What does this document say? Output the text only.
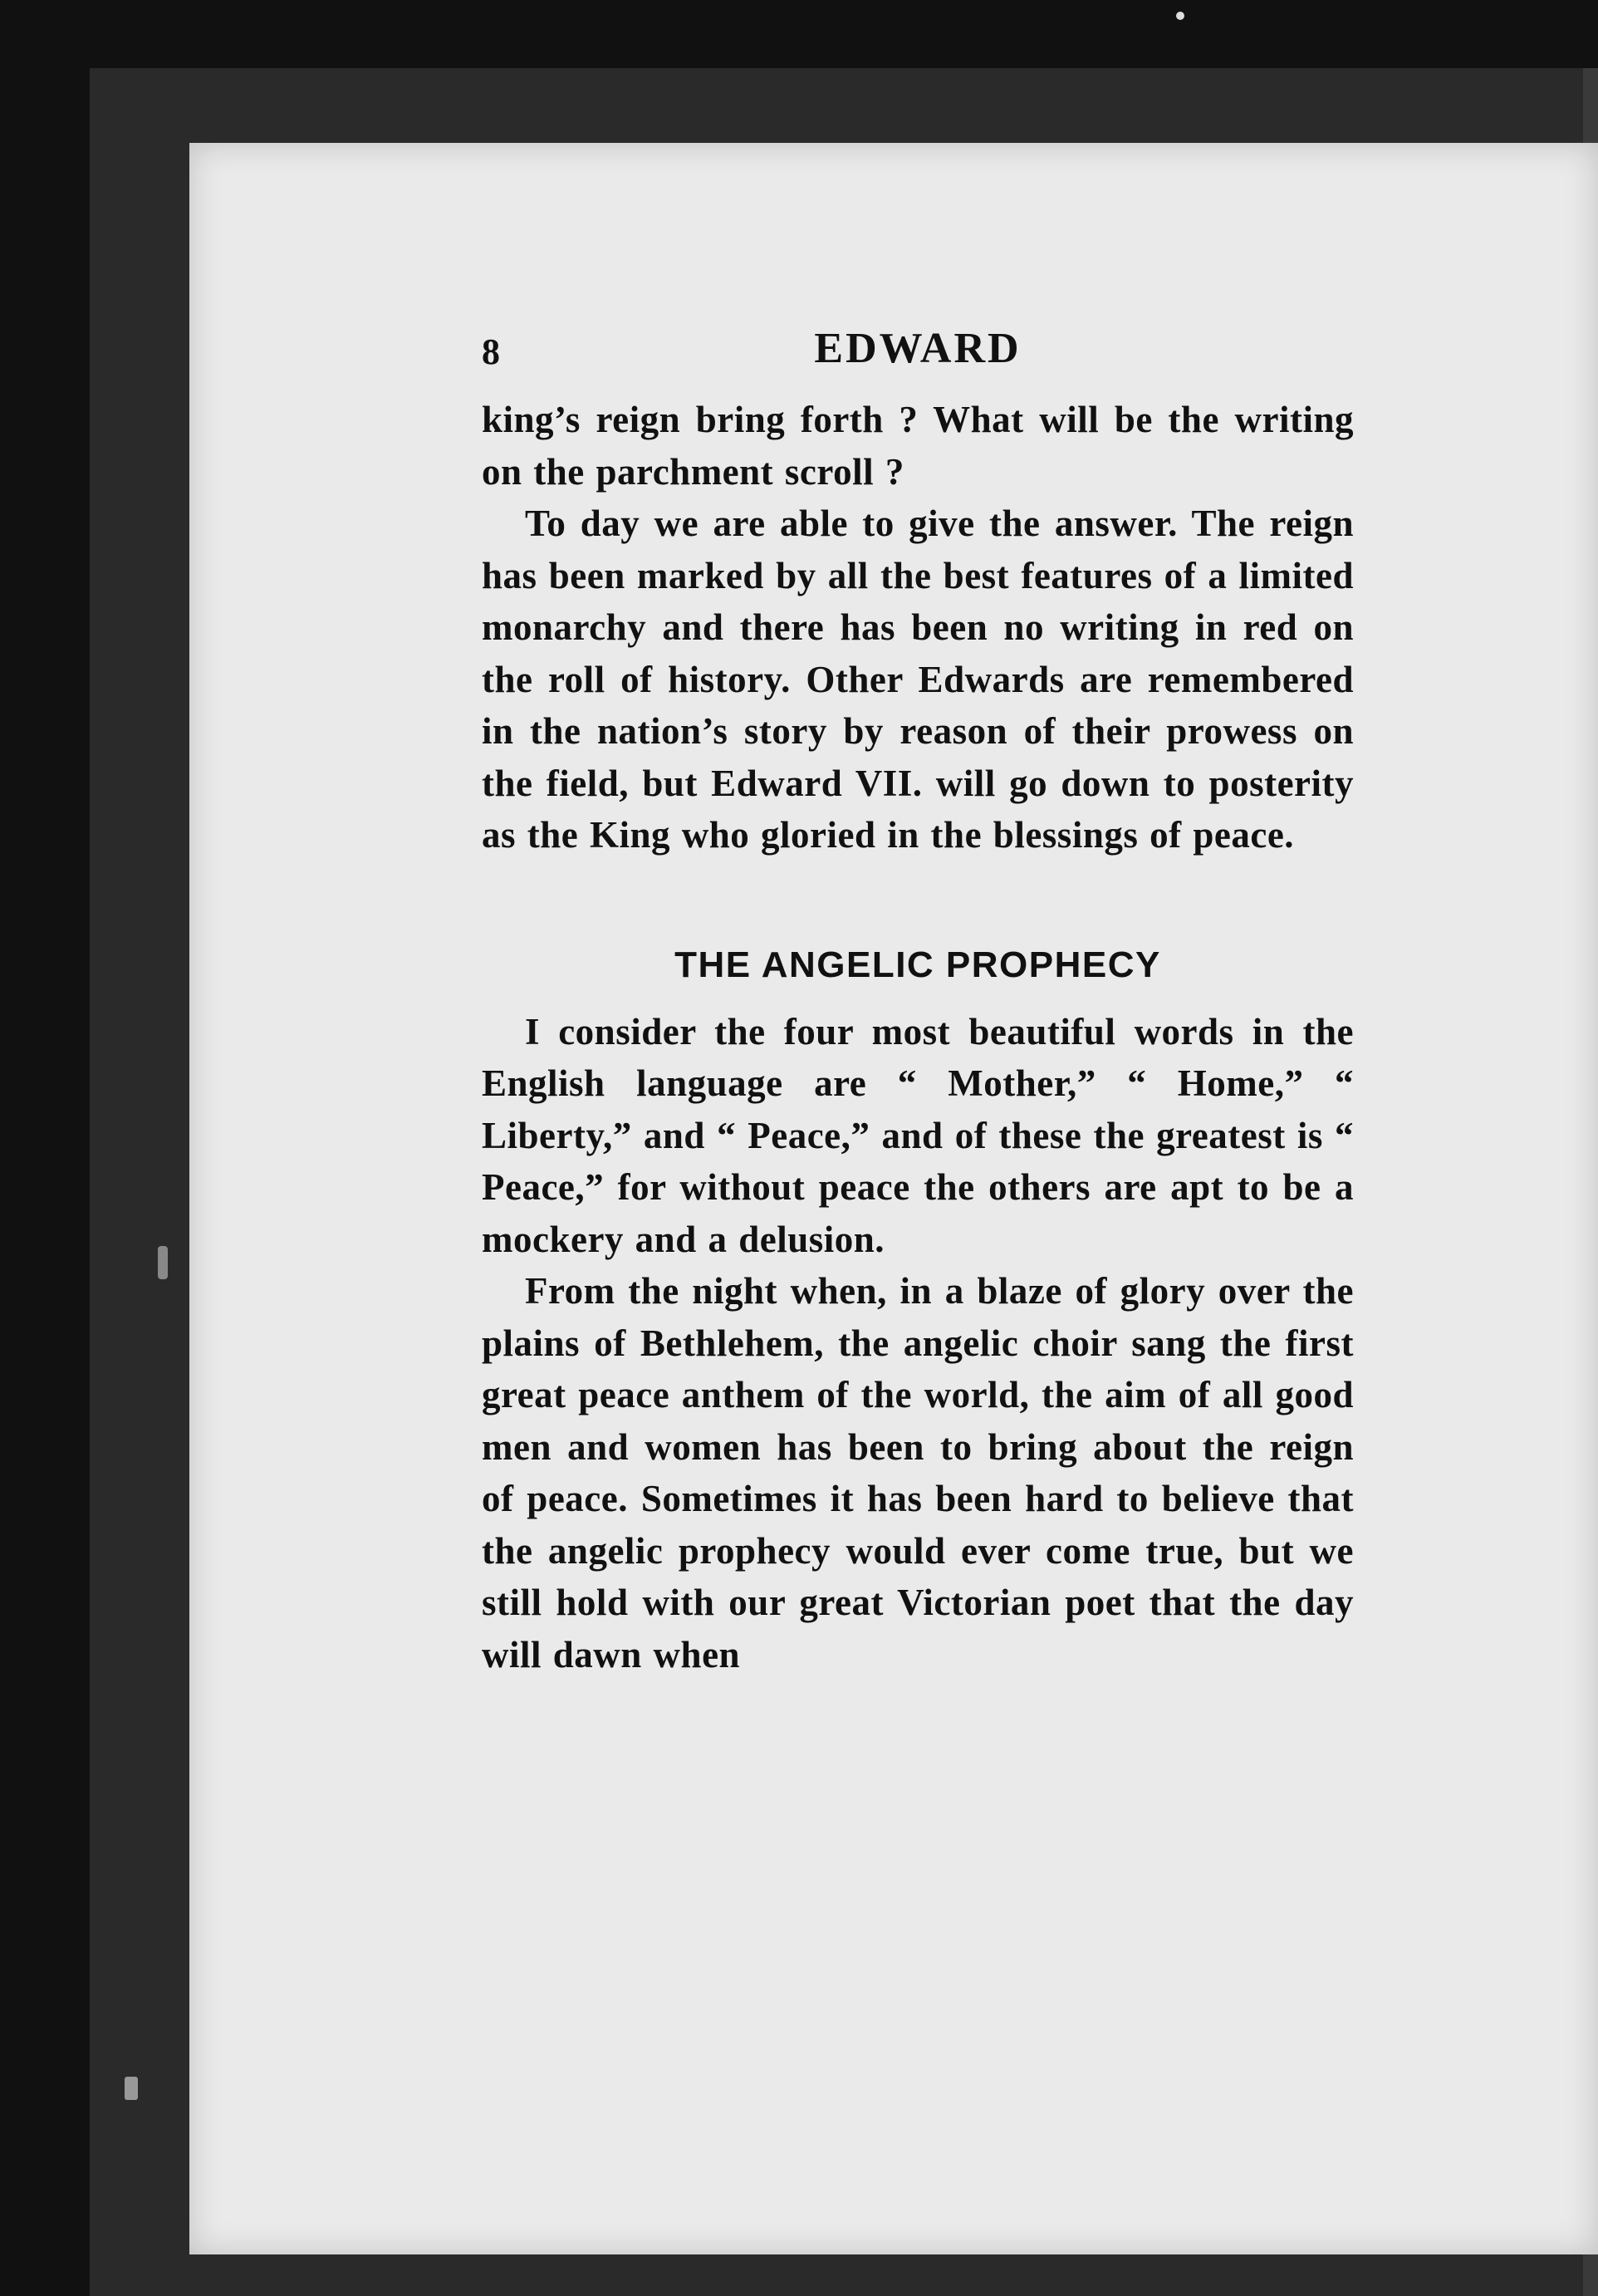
8	EDWARD

king’s reign bring forth ? What will be the writing on the parchment scroll ?

To day we are able to give the answer. The reign has been marked by all the best features of a limited monarchy and there has been no writing in red on the roll of history. Other Edwards are remembered in the nation’s story by reason of their prowess on the field, but Edward VII. will go down to posterity as the King who gloried in the blessings of peace.

THE ANGELIC PROPHECY

I consider the four most beautiful words in the English language are “ Mother,” “ Home,” “ Liberty,” and “ Peace,” and of these the greatest is “ Peace,” for without peace the others are apt to be a mockery and a delusion.

From the night when, in a blaze of glory over the plains of Bethlehem, the angelic choir sang the first great peace anthem of the world, the aim of all good men and women has been to bring about the reign of peace. Sometimes it has been hard to believe that the angelic prophecy would ever come true, but we still hold with our great Victorian poet that the day will dawn when
